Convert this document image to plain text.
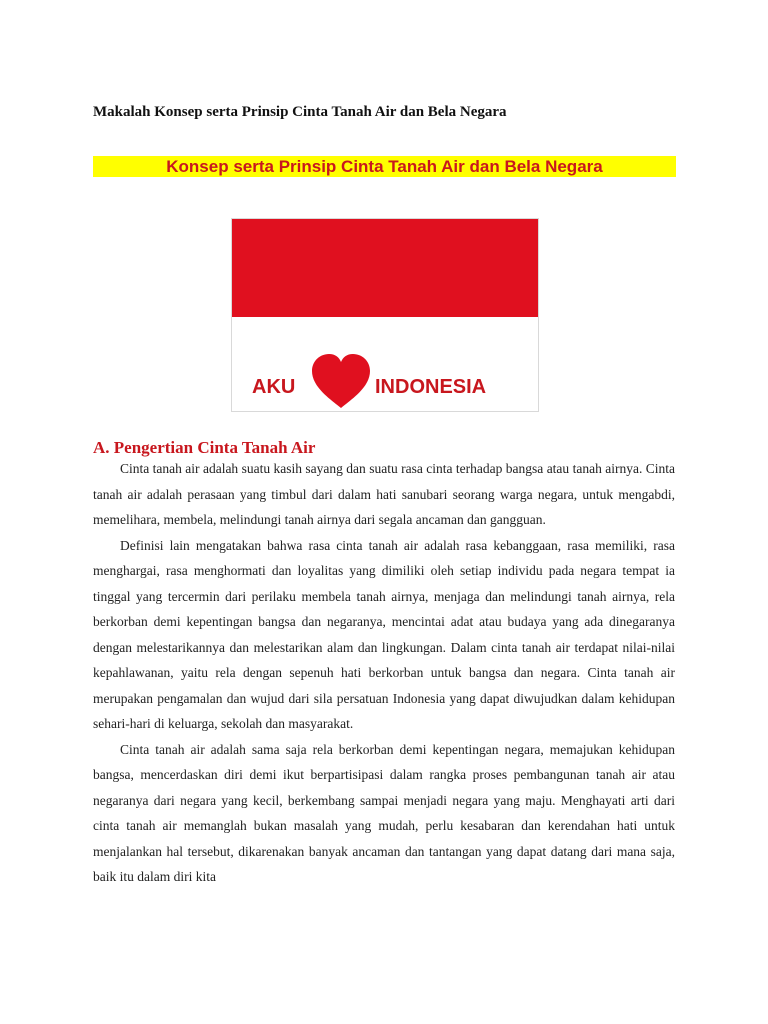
Makalah Konsep serta Prinsip Cinta Tanah Air dan Bela Negara
Konsep serta Prinsip Cinta Tanah Air dan Bela Negara
AKU	INDONESIA
A. Pengertian Cinta Tanah Air

Cinta tanah air adalah suatu kasih sayang dan suatu rasa cinta terhadap bangsa atau tanah airnya. Cinta tanah air adalah perasaan yang timbul dari dalam hati sanubari seorang warga negara, untuk mengabdi, memelihara, membela, melindungi tanah airnya dari segala ancaman dan gangguan.

Definisi lain mengatakan bahwa rasa cinta tanah air adalah rasa kebanggaan, rasa memiliki, rasa menghargai, rasa menghormati dan loyalitas yang dimiliki oleh setiap individu pada negara tempat ia tinggal yang tercermin dari perilaku membela tanah airnya, menjaga dan melindungi tanah airnya, rela berkorban demi kepentingan bangsa dan negaranya, mencintai adat atau budaya yang ada dinegaranya dengan melestarikannya dan melestarikan alam dan lingkungan. Dalam cinta tanah air terdapat nilai-nilai kepahlawanan, yaitu rela dengan sepenuh hati berkorban untuk bangsa dan negara. Cinta tanah air merupakan pengamalan dan wujud dari sila persatuan Indonesia yang dapat diwujudkan dalam kehidupan sehari-hari di keluarga, sekolah dan masyarakat.

Cinta tanah air adalah sama saja rela berkorban demi kepentingan negara, memajukan kehidupan bangsa, mencerdaskan diri demi ikut berpartisipasi dalam rangka proses pembangunan tanah air atau negaranya dari negara yang kecil, berkembang sampai menjadi negara yang maju. Menghayati arti dari cinta tanah air memanglah bukan masalah yang mudah, perlu kesabaran dan kerendahan hati untuk menjalankan hal tersebut, dikarenakan banyak ancaman dan tantangan yang dapat datang dari mana saja, baik itu dalam diri kita
